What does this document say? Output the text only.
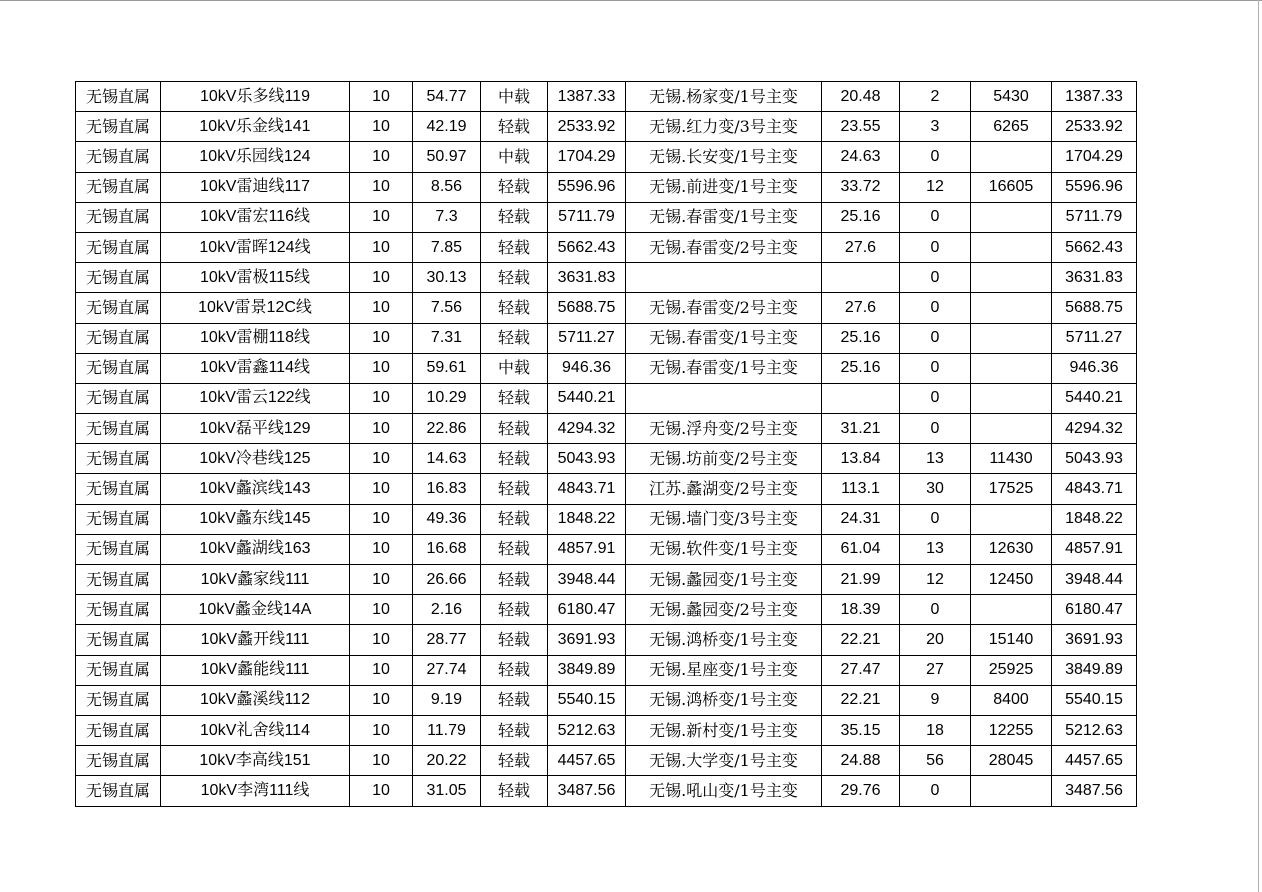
无锡直属	10kV乐多线119	10	54.77	中载	1387.33	无锡.杨家变/1号主变	20.48	2	5430	1387.33
无锡直属	10kV乐金线141	10	42.19	轻载	2533.92	无锡.红力变/3号主变	23.55	3	6265	2533.92
无锡直属	10kV乐园线124	10	50.97	中载	1704.29	无锡.长安变/1号主变	24.63	0		1704.29
无锡直属	10kV雷迪线117	10	8.56	轻载	5596.96	无锡.前进变/1号主变	33.72	12	16605	5596.96
无锡直属	10kV雷宏116线	10	7.3	轻载	5711.79	无锡.春雷变/1号主变	25.16	0		5711.79
无锡直属	10kV雷晖124线	10	7.85	轻载	5662.43	无锡.春雷变/2号主变	27.6	0		5662.43
无锡直属	10kV雷极115线	10	30.13	轻载	3631.83			0		3631.83
无锡直属	10kV雷景12C线	10	7.56	轻载	5688.75	无锡.春雷变/2号主变	27.6	0		5688.75
无锡直属	10kV雷棚118线	10	7.31	轻载	5711.27	无锡.春雷变/1号主变	25.16	0		5711.27
无锡直属	10kV雷鑫114线	10	59.61	中载	946.36	无锡.春雷变/1号主变	25.16	0		946.36
无锡直属	10kV雷云122线	10	10.29	轻载	5440.21			0		5440.21
无锡直属	10kV磊平线129	10	22.86	轻载	4294.32	无锡.浮舟变/2号主变	31.21	0		4294.32
无锡直属	10kV冷巷线125	10	14.63	轻载	5043.93	无锡.坊前变/2号主变	13.84	13	11430	5043.93
无锡直属	10kV蠡滨线143	10	16.83	轻载	4843.71	江苏.蠡湖变/2号主变	113.1	30	17525	4843.71
无锡直属	10kV蠡东线145	10	49.36	轻载	1848.22	无锡.墙门变/3号主变	24.31	0		1848.22
无锡直属	10kV蠡湖线163	10	16.68	轻载	4857.91	无锡.软件变/1号主变	61.04	13	12630	4857.91
无锡直属	10kV蠡家线111	10	26.66	轻载	3948.44	无锡.蠡园变/1号主变	21.99	12	12450	3948.44
无锡直属	10kV蠡金线14A	10	2.16	轻载	6180.47	无锡.蠡园变/2号主变	18.39	0		6180.47
无锡直属	10kV蠡开线111	10	28.77	轻载	3691.93	无锡.鸿桥变/1号主变	22.21	20	15140	3691.93
无锡直属	10kV蠡能线111	10	27.74	轻载	3849.89	无锡.星座变/1号主变	27.47	27	25925	3849.89
无锡直属	10kV蠡溪线112	10	9.19	轻载	5540.15	无锡.鸿桥变/1号主变	22.21	9	8400	5540.15
无锡直属	10kV礼舍线114	10	11.79	轻载	5212.63	无锡.新村变/1号主变	35.15	18	12255	5212.63
无锡直属	10kV李高线151	10	20.22	轻载	4457.65	无锡.大学变/1号主变	24.88	56	28045	4457.65
无锡直属	10kV李湾111线	10	31.05	轻载	3487.56	无锡.吼山变/1号主变	29.76	0		3487.56
